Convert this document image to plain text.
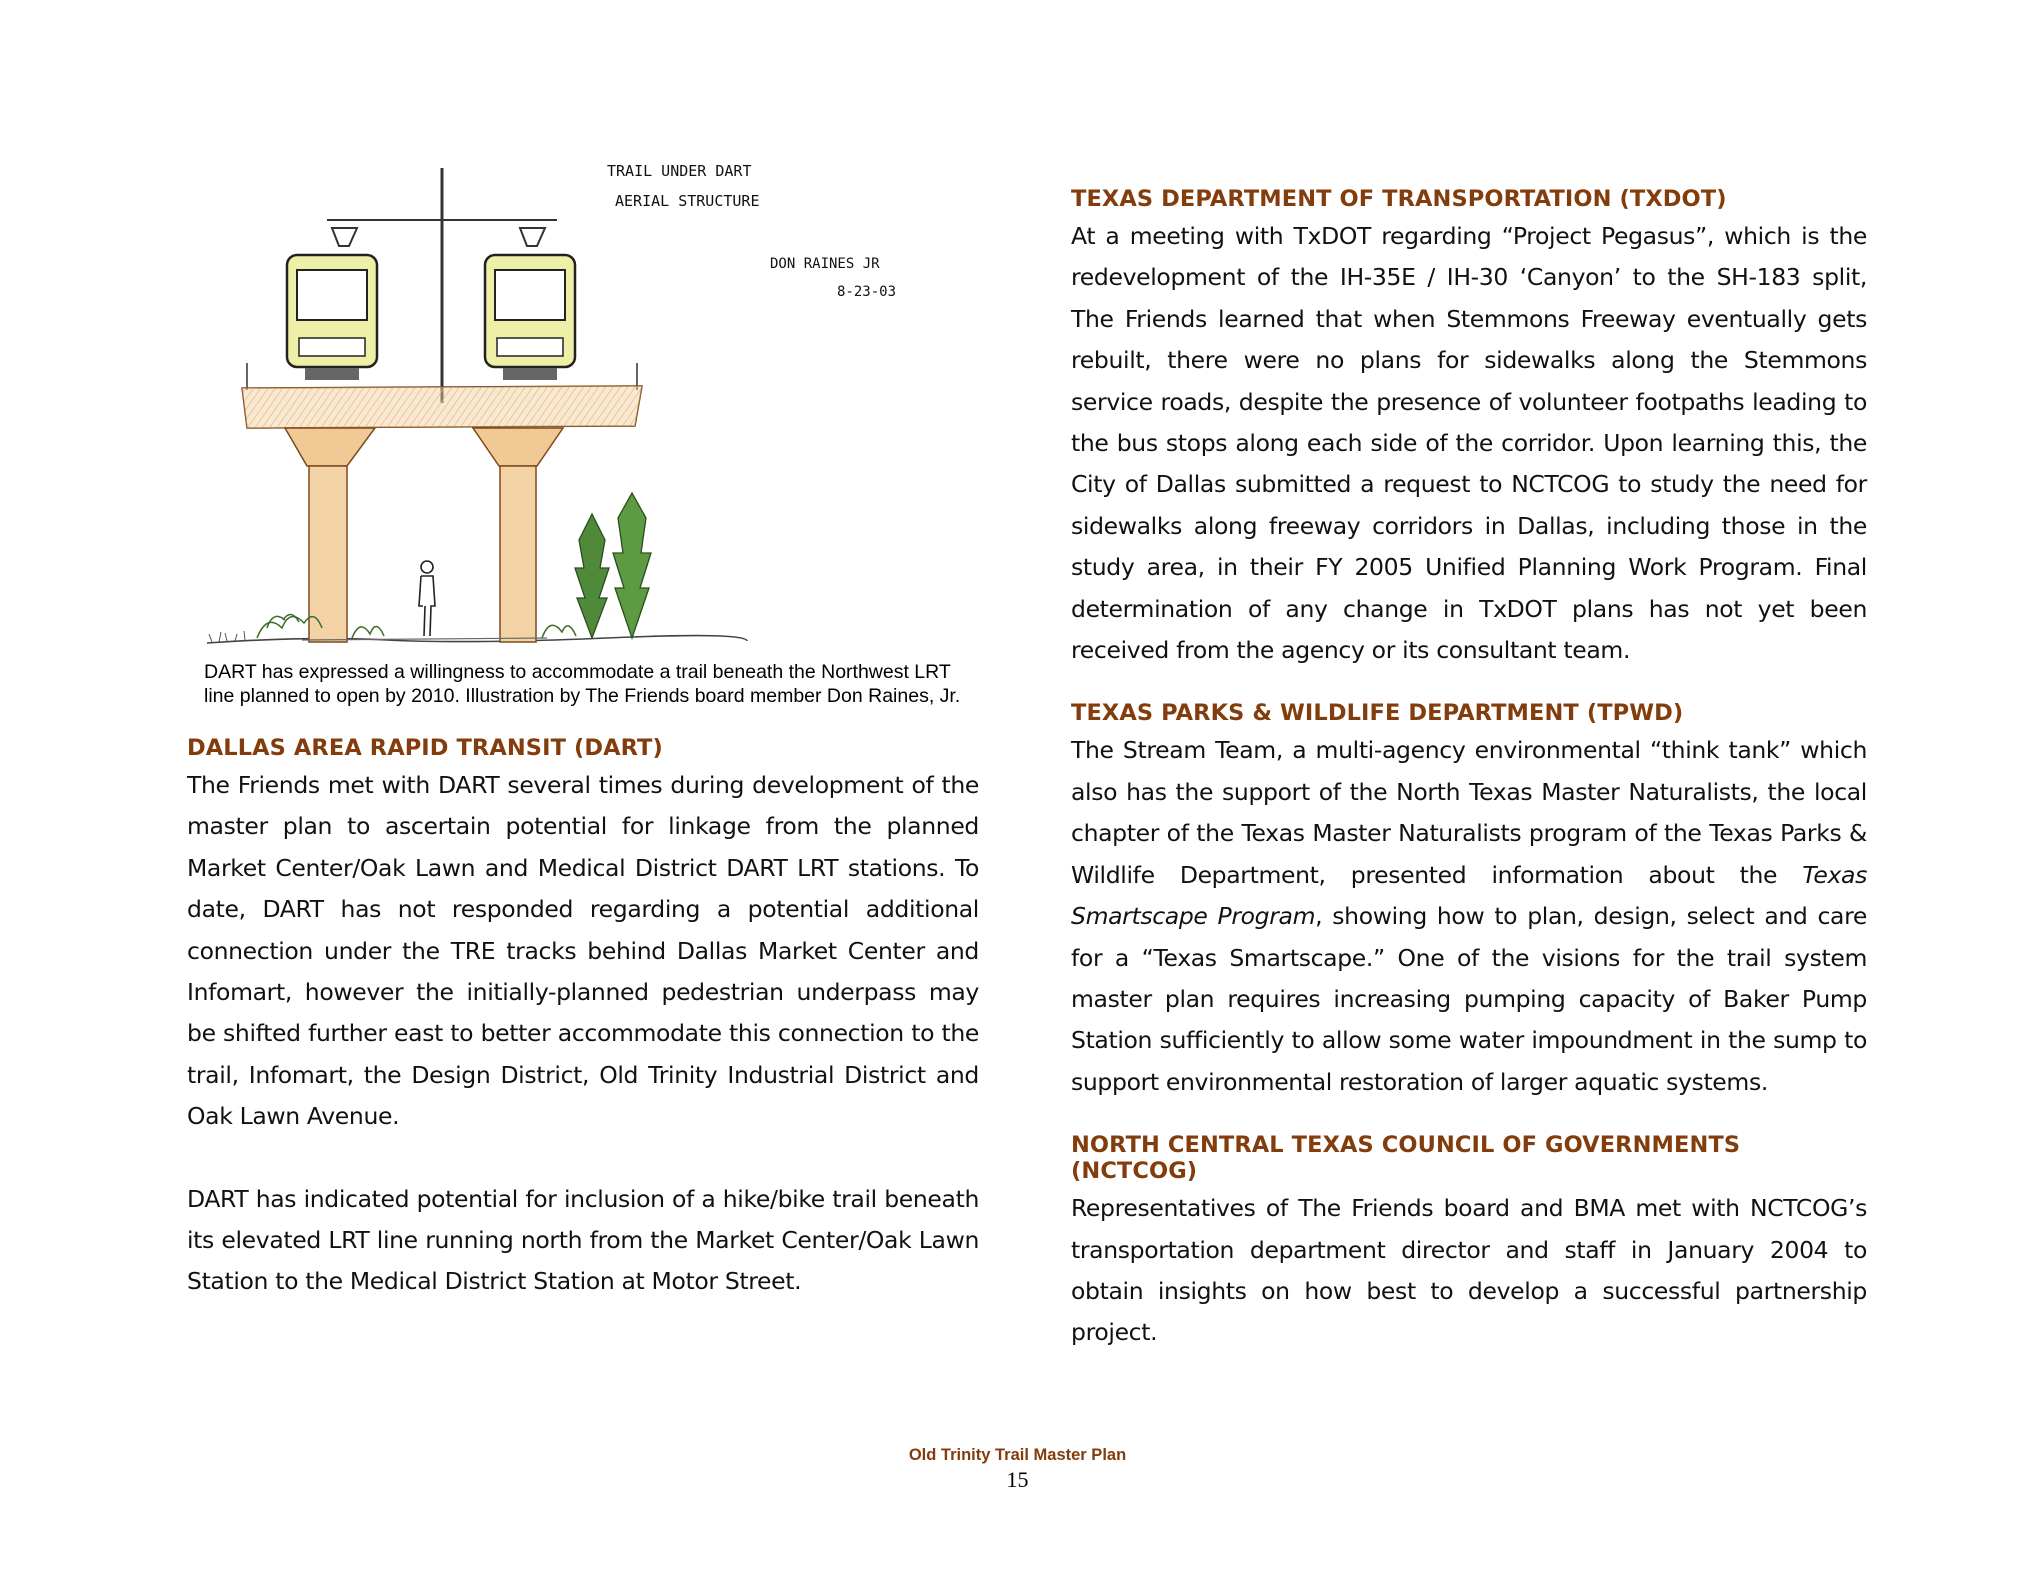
TRAIL UNDER DART
AERIAL STRUCTURE
DON RAINES JR
8-23-03
DART has expressed a willingness to accommodate a trail beneath the Northwest LRT line planned to open by 2010. Illustration by The Friends board member Don Raines, Jr.
DALLAS AREA RAPID TRANSIT (DART)

The Friends met with DART several times during development of the master plan to ascertain potential for linkage from the planned Market Center/Oak Lawn and Medical District DART LRT stations. To date, DART has not responded regarding a potential additional connection under the TRE tracks behind Dallas Market Center and Infomart, however the initially-planned pedestrian underpass may be shifted further east to better accommodate this connection to the trail, Infomart, the Design District, Old Trinity Industrial District and Oak Lawn Avenue.

DART has indicated potential for inclusion of a hike/bike trail beneath its elevated LRT line running north from the Market Center/Oak Lawn Station to the Medical District Station at Motor Street.

TEXAS DEPARTMENT OF TRANSPORTATION (TXDOT)

At a meeting with TxDOT regarding “Project Pegasus”, which is the redevelopment of the IH-35E / IH-30 ‘Canyon’ to the SH-183 split, The Friends learned that when Stemmons Freeway eventually gets rebuilt, there were no plans for sidewalks along the Stemmons service roads, despite the presence of volunteer footpaths leading to the bus stops along each side of the corridor. Upon learning this, the City of Dallas submitted a request to NCTCOG to study the need for sidewalks along freeway corridors in Dallas, including those in the study area, in their FY 2005 Unified Planning Work Program. Final determination of any change in TxDOT plans has not yet been received from the agency or its consultant team.

TEXAS PARKS & WILDLIFE DEPARTMENT (TPWD)

The Stream Team, a multi-agency environmental “think tank” which also has the support of the North Texas Master Naturalists, the local chapter of the Texas Master Naturalists program of the Texas Parks & Wildlife Department, presented information about the Texas Smartscape Program, showing how to plan, design, select and care for a “Texas Smartscape.” One of the visions for the trail system master plan requires increasing pumping capacity of Baker Pump Station sufficiently to allow some water impoundment in the sump to support environmental restoration of larger aquatic systems.

NORTH CENTRAL TEXAS COUNCIL OF GOVERNMENTS (NCTCOG)

Representatives of The Friends board and BMA met with NCTCOG’s transportation department director and staff in January 2004 to obtain insights on how best to develop a successful partnership project.

Old Trinity Trail Master Plan
15
